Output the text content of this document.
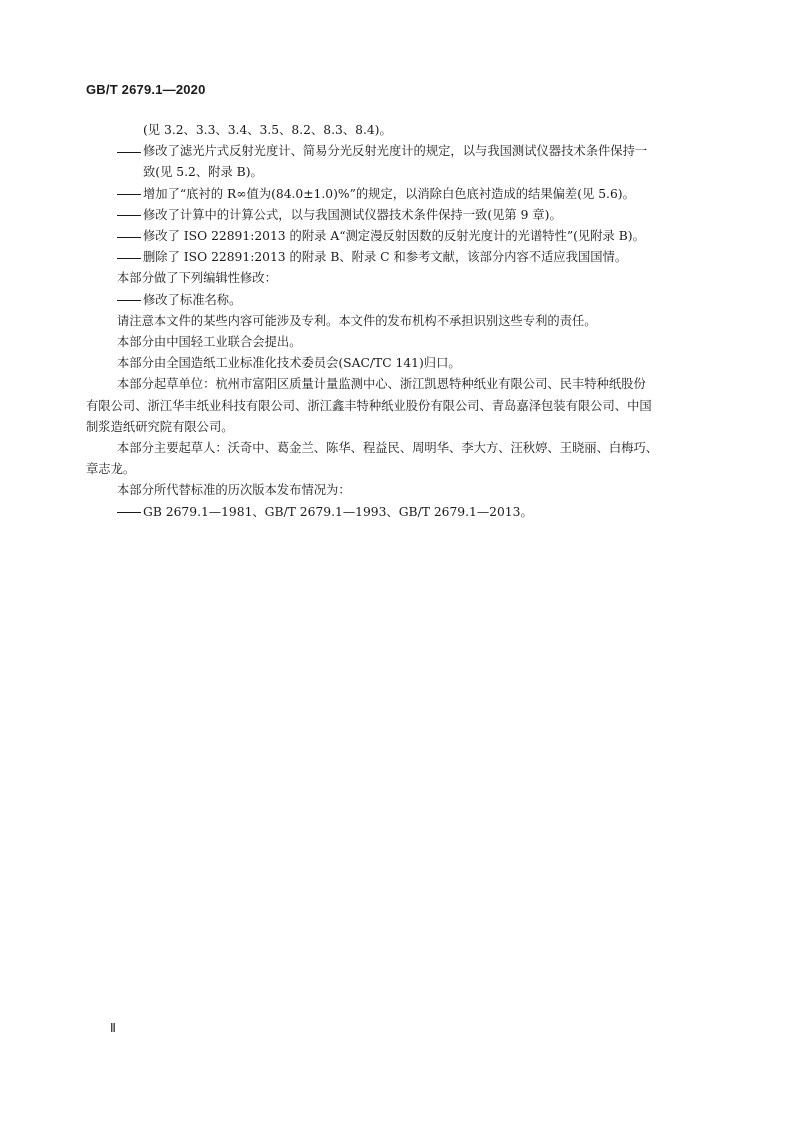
GB/T 2679.1—2020
(见 3.2、3.3、3.4、3.5、8.2、8.3、8.4)。
修改了滤光片式反射光度计、简易分光反射光度计的规定，以与我国测试仪器技术条件保持一
致(见 5.2、附录 B)。
增加了“底衬的 R∞值为(84.0±1.0)%”的规定，以消除白色底衬造成的结果偏差(见 5.6)。
修改了计算中的计算公式，以与我国测试仪器技术条件保持一致(见第 9 章)。
修改了 ISO 22891:2013 的附录 A“测定漫反射因数的反射光度计的光谱特性”(见附录 B)。
删除了 ISO 22891:2013 的附录 B、附录 C 和参考文献，该部分内容不适应我国国情。
本部分做了下列编辑性修改：
修改了标准名称。
请注意本文件的某些内容可能涉及专利。本文件的发布机构不承担识别这些专利的责任。
本部分由中国轻工业联合会提出。
本部分由全国造纸工业标准化技术委员会(SAC/TC 141)归口。
本部分起草单位：杭州市富阳区质量计量监测中心、浙江凯恩特种纸业有限公司、民丰特种纸股份
有限公司、浙江华丰纸业科技有限公司、浙江鑫丰特种纸业股份有限公司、青岛嘉泽包装有限公司、中国
制浆造纸研究院有限公司。
本部分主要起草人：沃奇中、葛金兰、陈华、程益民、周明华、李大方、汪秋婷、王晓丽、白梅巧、
章志龙。
本部分所代替标准的历次版本发布情况为：
GB 2679.1—1981、GB/T 2679.1—1993、GB/T 2679.1—2013。
Ⅱ
